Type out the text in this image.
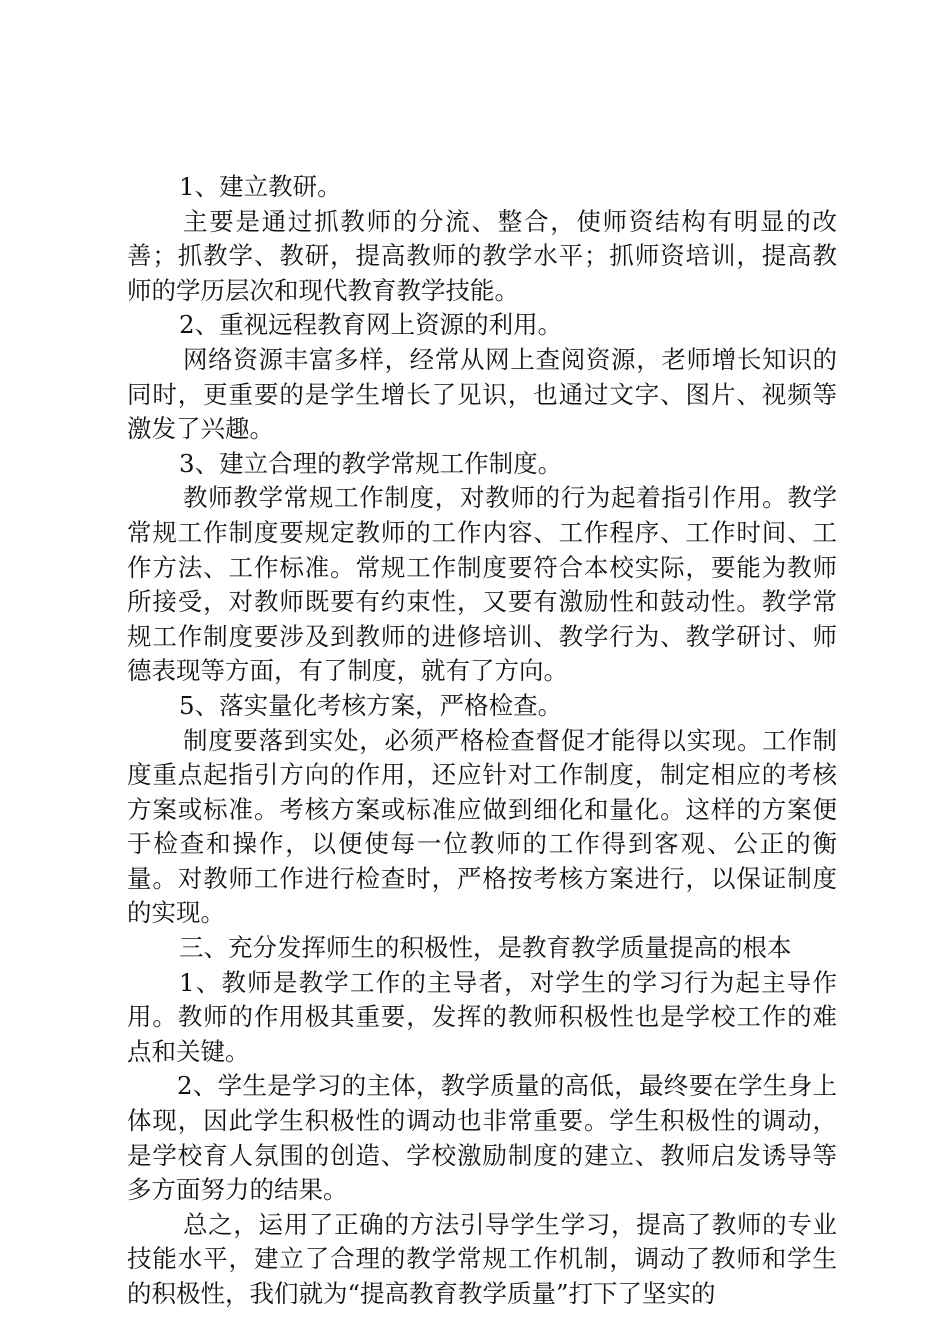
1、建立教研。

主要是通过抓教师的分流、整合，使师资结构有明显的改善；抓教学、教研，提高教师的教学水平；抓师资培训，提高教师的学历层次和现代教育教学技能。

2、重视远程教育网上资源的利用。

网络资源丰富多样，经常从网上查阅资源，老师增长知识的同时，更重要的是学生增长了见识，也通过文字、图片、视频等激发了兴趣。

3、建立合理的教学常规工作制度。

教师教学常规工作制度，对教师的行为起着指引作用。教学常规工作制度要规定教师的工作内容、工作程序、工作时间、工作方法、工作标准。常规工作制度要符合本校实际，要能为教师所接受，对教师既要有约束性，又要有激励性和鼓动性。教学常规工作制度要涉及到教师的进修培训、教学行为、教学研讨、师德表现等方面，有了制度，就有了方向。

5、落实量化考核方案，严格检查。

制度要落到实处，必须严格检查督促才能得以实现。工作制度重点起指引方向的作用，还应针对工作制度，制定相应的考核方案或标准。考核方案或标准应做到细化和量化。这样的方案便于检查和操作，以便使每一位教师的工作得到客观、公正的衡量。对教师工作进行检查时，严格按考核方案进行，以保证制度的实现。

三、充分发挥师生的积极性，是教育教学质量提高的根本

1、教师是教学工作的主导者，对学生的学习行为起主导作用。教师的作用极其重要，发挥的教师积极性也是学校工作的难点和关键。

2、学生是学习的主体，教学质量的高低，最终要在学生身上体现，因此学生积极性的调动也非常重要。学生积极性的调动，是学校育人氛围的创造、学校激励制度的建立、教师启发诱导等多方面努力的结果。

总之，运用了正确的方法引导学生学习，提高了教师的专业技能水平，建立了合理的教学常规工作机制，调动了教师和学生的积极性，我们就为“提高教育教学质量”打下了坚实的
